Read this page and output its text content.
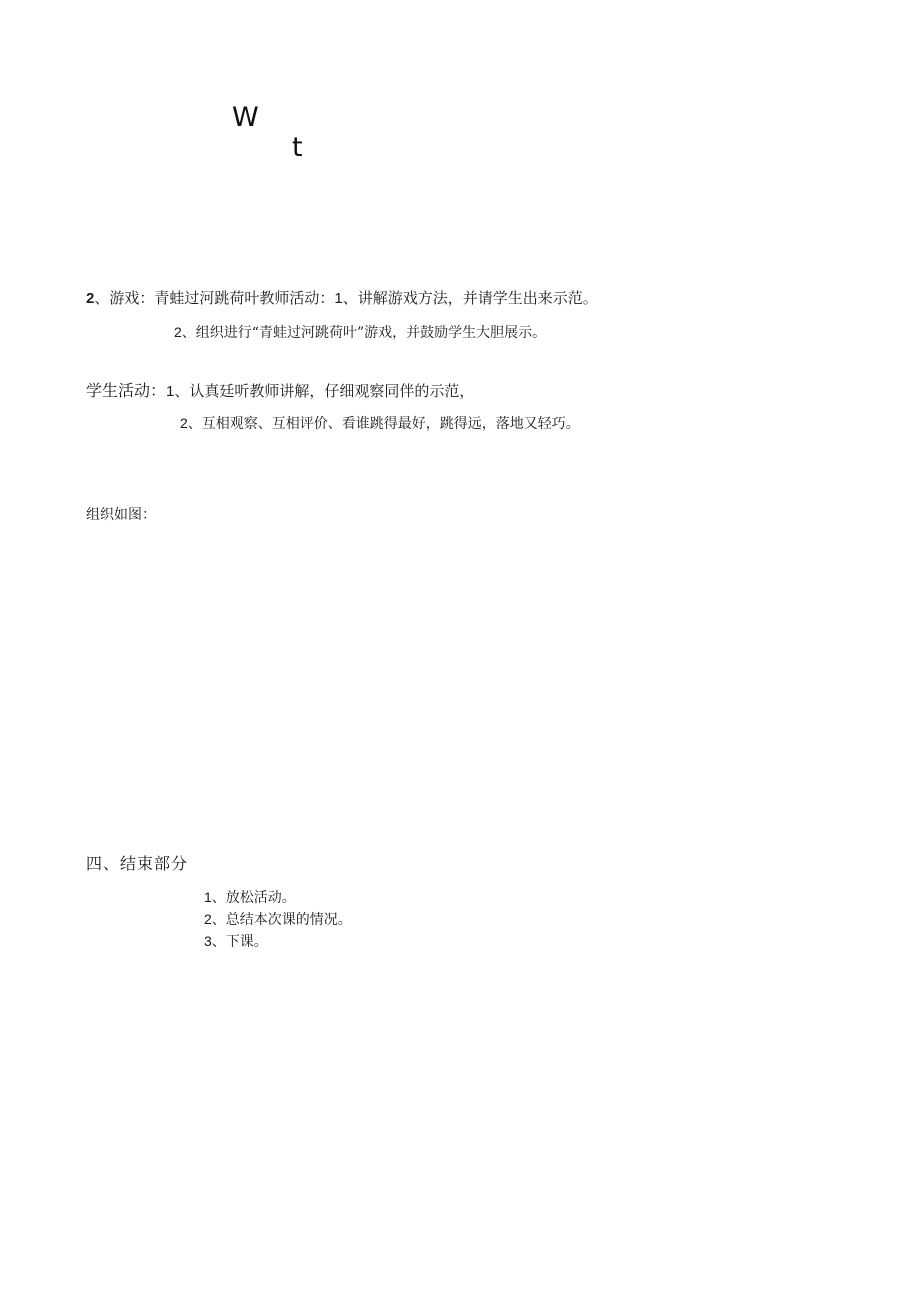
W
t
2、游戏：青蛙过河跳荷叶教师活动：1、讲解游戏方法，并请学生出来示范。
2、组织进行“青蛙过河跳荷叶”游戏，并鼓励学生大胆展示。
学生活动：1、认真廷听教师讲解，仔细观察同伴的示范，
2、互相观察、互相评价、看谁跳得最好，跳得远，落地又轻巧。
组织如图：
四、结束部分
1、放松活动。
2、总结本次课的情况。
3、下课。
